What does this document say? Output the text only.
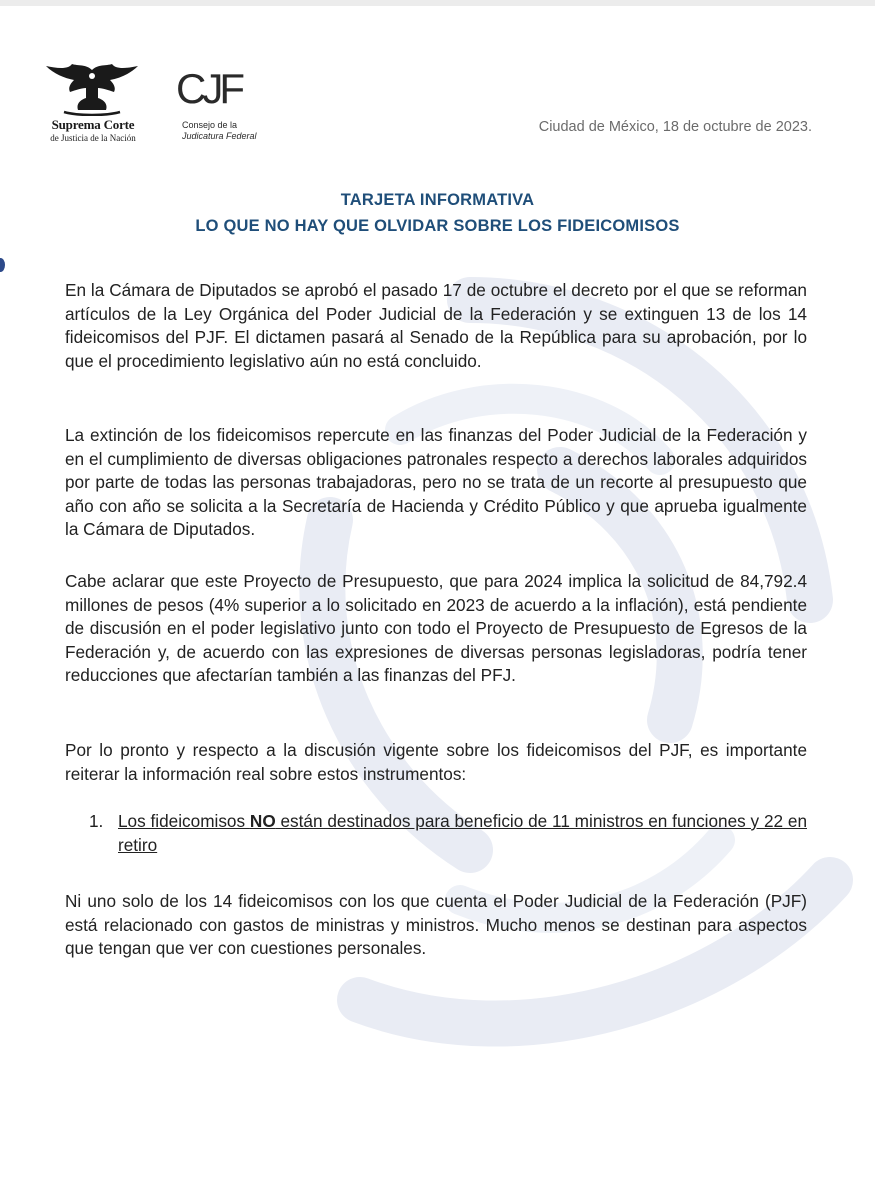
Suprema Corte
de Justicia de la Nación
CJF
Consejo de la
Judicatura Federal
Ciudad de México, 18 de octubre de 2023.
TARJETA INFORMATIVA
LO QUE NO HAY QUE OLVIDAR SOBRE LOS FIDEICOMISOS
En la Cámara de Diputados se aprobó el pasado 17 de octubre el decreto por el que se reforman artículos de la Ley Orgánica del Poder Judicial de la Federación y se extinguen 13 de los 14 fideicomisos del PJF. El dictamen pasará al Senado de la República para su aprobación, por lo que el procedimiento legislativo aún no está concluido.
La extinción de los fideicomisos repercute en las finanzas del Poder Judicial de la Federación y en el cumplimiento de diversas obligaciones patronales respecto a derechos laborales adquiridos por parte de todas las personas trabajadoras, pero no se trata de un recorte al presupuesto que año con año se solicita a la Secretaría de Hacienda y Crédito Público y que aprueba igualmente la Cámara de Diputados.
Cabe aclarar que este Proyecto de Presupuesto, que para 2024 implica la solicitud de 84,792.4 millones de pesos (4% superior a lo solicitado en 2023 de acuerdo a la inflación), está pendiente de discusión en el poder legislativo junto con todo el Proyecto de Presupuesto de Egresos de la Federación y, de acuerdo con las expresiones de diversas personas legisladoras, podría tener reducciones que afectarían también a las finanzas del PFJ.
Por lo pronto y respecto a la discusión vigente sobre los fideicomisos del PJF, es importante reiterar la información real sobre estos instrumentos:
1. Los fideicomisos NO están destinados para beneficio de 11 ministros en funciones y 22 en retiro
Ni uno solo de los 14 fideicomisos con los que cuenta el Poder Judicial de la Federación (PJF) está relacionado con gastos de ministras y ministros. Mucho menos se destinan para aspectos que tengan que ver con cuestiones personales.
